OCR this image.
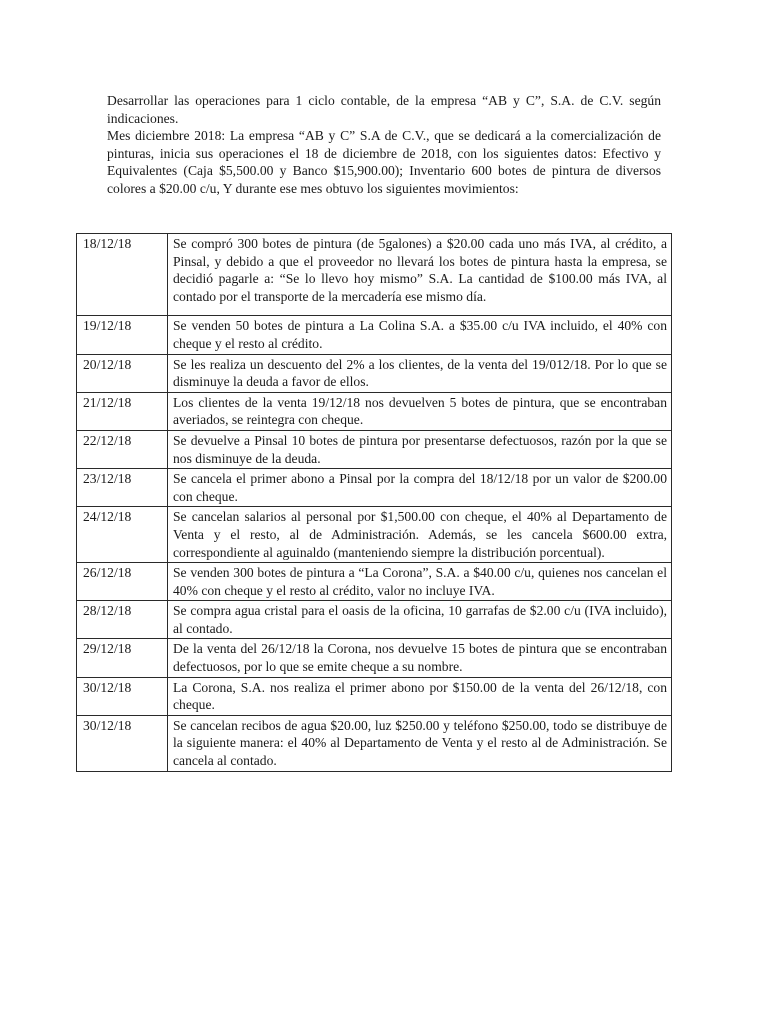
Desarrollar las operaciones para 1 ciclo contable, de la empresa “AB y C”, S.A. de C.V. según indicaciones.

Mes diciembre 2018: La empresa “AB y C” S.A de C.V., que se dedicará a la comercialización de pinturas, inicia sus operaciones el 18 de diciembre de 2018, con los siguientes datos: Efectivo y Equivalentes (Caja $5,500.00 y Banco $15,900.00); Inventario 600 botes de pintura de diversos colores a $20.00 c/u, Y durante ese mes obtuvo los siguientes movimientos:

18/12/18	Se compró 300 botes de pintura (de 5galones) a $20.00 cada uno más IVA, al crédito, a Pinsal, y debido a que el proveedor no llevará los botes de pintura hasta la empresa, se decidió pagarle a: “Se lo llevo hoy mismo” S.A. La cantidad de $100.00 más IVA, al contado por el transporte de la mercadería ese mismo día.
19/12/18	Se venden 50 botes de pintura a La Colina S.A. a $35.00 c/u IVA incluido, el 40% con cheque y el resto al crédito.
20/12/18	Se les realiza un descuento del 2% a los clientes, de la venta del 19/012/18. Por lo que se disminuye la deuda a favor de ellos.
21/12/18	Los clientes de la venta 19/12/18 nos devuelven 5 botes de pintura, que se encontraban averiados, se reintegra con cheque.
22/12/18	Se devuelve a Pinsal 10 botes de pintura por presentarse defectuosos, razón por la que se nos disminuye de la deuda.
23/12/18	Se cancela el primer abono a Pinsal por la compra del 18/12/18 por un valor de $200.00 con cheque.
24/12/18	Se cancelan salarios al personal por $1,500.00 con cheque, el 40% al Departamento de Venta y el resto, al de Administración. Además, se les cancela $600.00 extra, correspondiente al aguinaldo (manteniendo siempre la distribución porcentual).
26/12/18	Se venden 300 botes de pintura a “La Corona”, S.A. a $40.00 c/u, quienes nos cancelan el 40% con cheque y el resto al crédito, valor no incluye IVA.
28/12/18	Se compra agua cristal para el oasis de la oficina, 10 garrafas de $2.00 c/u (IVA incluido), al contado.
29/12/18	De la venta del 26/12/18 la Corona, nos devuelve 15 botes de pintura que se encontraban defectuosos, por lo que se emite cheque a su nombre.
30/12/18	La Corona, S.A. nos realiza el primer abono por $150.00 de la venta del 26/12/18, con cheque.
30/12/18	Se cancelan recibos de agua $20.00, luz $250.00 y teléfono $250.00, todo se distribuye de la siguiente manera: el 40% al Departamento de Venta y el resto al de Administración. Se cancela al contado.
